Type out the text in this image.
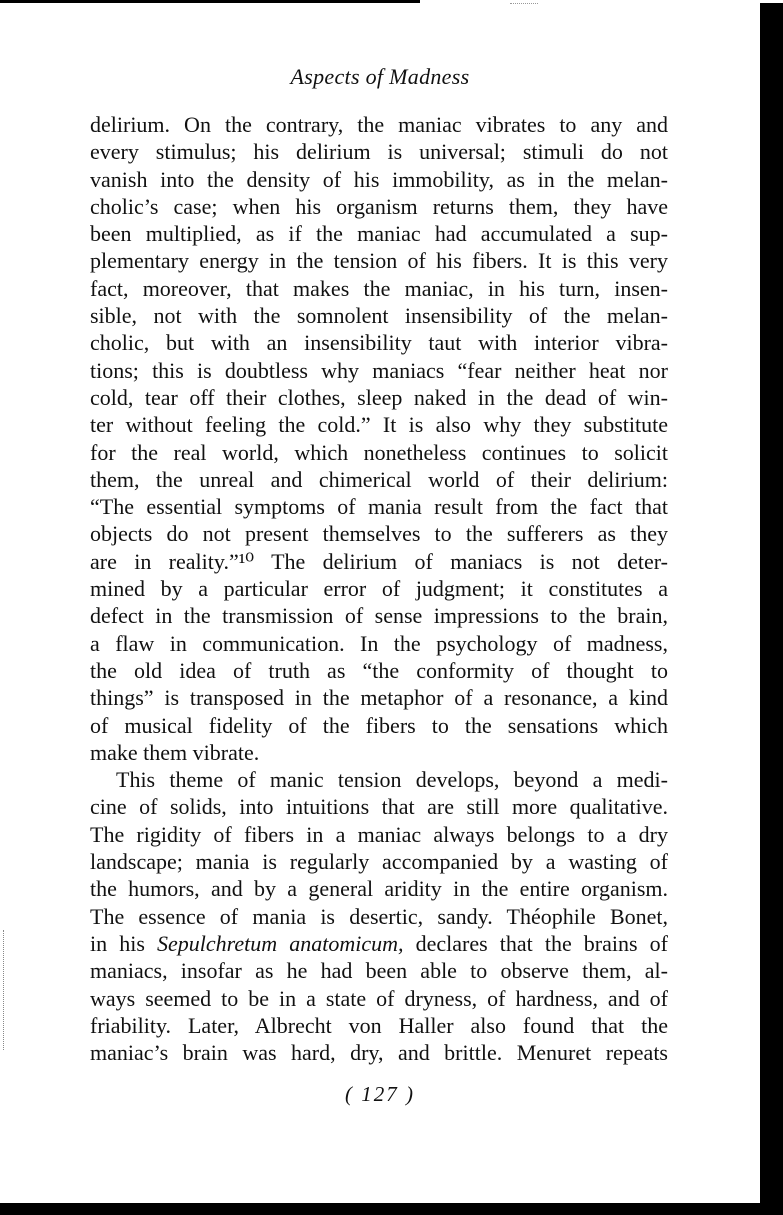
Aspects of Madness
delirium. On the contrary, the maniac vibrates to any and
every stimulus; his delirium is universal; stimuli do not
vanish into the density of his immobility, as in the melan-
cholic’s case; when his organism returns them, they have
been multiplied, as if the maniac had accumulated a sup-
plementary energy in the tension of his fibers. It is this very
fact, moreover, that makes the maniac, in his turn, insen-
sible, not with the somnolent insensibility of the melan-
cholic, but with an insensibility taut with interior vibra-
tions; this is doubtless why maniacs “fear neither heat nor
cold, tear off their clothes, sleep naked in the dead of win-
ter without feeling the cold.” It is also why they substitute
for the real world, which nonetheless continues to solicit
them, the unreal and chimerical world of their delirium:
“The essential symptoms of mania result from the fact that
objects do not present themselves to the sufferers as they
are in reality.”¹⁰ The delirium of maniacs is not deter-
mined by a particular error of judgment; it constitutes a
defect in the transmission of sense impressions to the brain,
a flaw in communication. In the psychology of madness,
the old idea of truth as “the conformity of thought to
things” is transposed in the metaphor of a resonance, a kind
of musical fidelity of the fibers to the sensations which
make them vibrate.
This theme of manic tension develops, beyond a medi-
cine of solids, into intuitions that are still more qualitative.
The rigidity of fibers in a maniac always belongs to a dry
landscape; mania is regularly accompanied by a wasting of
the humors, and by a general aridity in the entire organism.
The essence of mania is desertic, sandy. Théophile Bonet,
in his Sepulchretum anatomicum, declares that the brains of
maniacs, insofar as he had been able to observe them, al-
ways seemed to be in a state of dryness, of hardness, and of
friability. Later, Albrecht von Haller also found that the
maniac’s brain was hard, dry, and brittle. Menuret repeats
( 127 )
